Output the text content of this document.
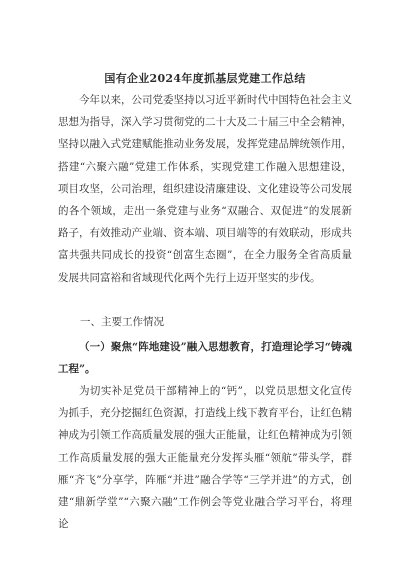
国有企业2024年度抓基层党建工作总结

今年以来，公司党委坚持以习近平新时代中国特色社会主义思想为指导，深入学习贯彻党的二十大及二十届三中全会精神，坚持以融入式党建赋能推动业务发展，发挥党建品牌统领作用，搭建“六聚六融”党建工作体系，实现党建工作融入思想建设，项目攻坚，公司治理，组织建设清廉建设、文化建设等公司发展的各个领域，走出一条党建与业务“双融合、双促进”的发展新路子，有效推动产业端、资本端、项目端等的有效联动，形成共富共强共同成长的投资“创富生态圈”，在全力服务全省高质量发展共同富裕和省域现代化两个先行上迈开坚实的步伐。

一、主要工作情况
（一）聚焦“阵地建设”融入思想教育，打造理论学习“铸魂工程”。

为切实补足党员干部精神上的“钙”，以党员思想文化宣传为抓手，充分挖掘红色资源，打造线上线下教育平台，让红色精神成为引领工作高质量发展的强大正能量，让红色精神成为引领工作高质量发展的强大正能量充分发挥头雁“领航”带头学，群雁“齐飞”分享学，阵雁“并进”融合学等“三学并进”的方式，创建“鼎新学堂”“六聚六融”工作例会等党业融合学习平台，将理论
